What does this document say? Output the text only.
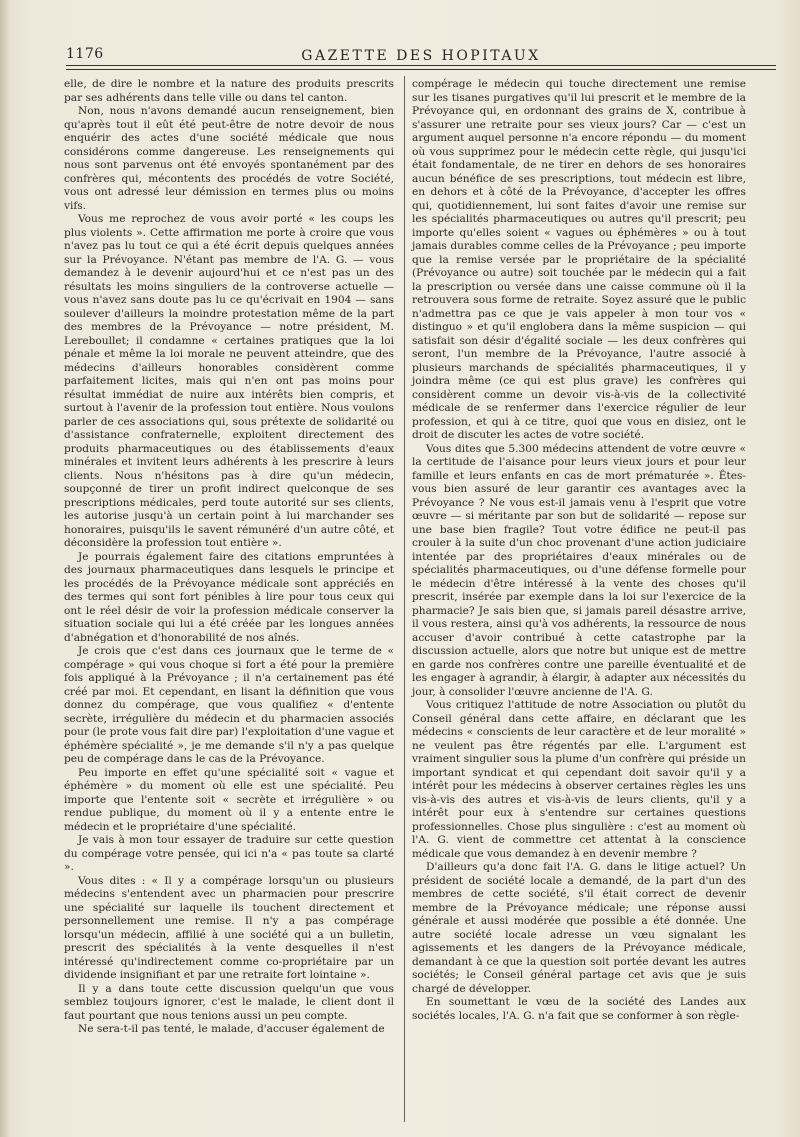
1176	GAZETTE DES HOPITAUX

elle, de dire le nombre et la nature des produits prescrits par ses adhérents dans telle ville ou dans tel canton.

Non, nous n'avons demandé aucun renseignement, bien qu'après tout il eût été peut-être de notre devoir de nous enquérir des actes d'une société médicale que nous considérons comme dangereuse. Les renseignements qui nous sont parvenus ont été envoyés spontanément par des confrères qui, mécontents des procédés de votre Société, vous ont adressé leur démission en termes plus ou moins vifs.

Vous me reprochez de vous avoir porté « les coups les plus violents ». Cette affirmation me porte à croire que vous n'avez pas lu tout ce qui a été écrit depuis quelques années sur la Prévoyance. N'étant pas membre de l'A. G. — vous demandez à le devenir aujourd'hui et ce n'est pas un des résultats les moins singuliers de la controverse actuelle — vous n'avez sans doute pas lu ce qu'écrivait en 1904 — sans soulever d'ailleurs la moindre protestation même de la part des membres de la Prévoyance — notre président, M. Lereboullet; il condamne « certaines pratiques que la loi pénale et même la loi morale ne peuvent atteindre, que des médecins d'ailleurs honorables considèrent comme parfaitement licites, mais qui n'en ont pas moins pour résultat immédiat de nuire aux intérêts bien compris, et surtout à l'avenir de la profession tout entière. Nous voulons parler de ces associations qui, sous prétexte de solidarité ou d'assistance confraternelle, exploitent directement des produits pharmaceutiques ou des établissements d'eaux minérales et invitent leurs adhérents à les prescrire à leurs clients. Nous n'hésitons pas à dire qu'un médecin, soupçonné de tirer un profit indirect quelconque de ses prescriptions médicales, perd toute autorité sur ses clients, les autorise jusqu'à un certain point à lui marchander ses honoraires, puisqu'ils le savent rémunéré d'un autre côté, et déconsidère la profession tout entière ».

Je pourrais également faire des citations empruntées à des journaux pharmaceutiques dans lesquels le principe et les procédés de la Prévoyance médicale sont appréciés en des termes qui sont fort pénibles à lire pour tous ceux qui ont le réel désir de voir la profession médicale conserver la situation sociale qui lui a été créée par les longues années d'abnégation et d'honorabilité de nos aînés.

Je crois que c'est dans ces journaux que le terme de « compérage » qui vous choque si fort a été pour la première fois appliqué à la Prévoyance ; il n'a certainement pas été créé par moi. Et cependant, en lisant la définition que vous donnez du compérage, que vous qualifiez « d'entente secrète, irrégulière du médecin et du pharmacien associés pour (le prote vous fait dire par) l'exploitation d'une vague et éphémère spécialité », je me demande s'il n'y a pas quelque peu de compérage dans le cas de la Prévoyance.

Peu importe en effet qu'une spécialité soit « vague et éphémère » du moment où elle est une spécialité. Peu importe que l'entente soit « secrète et irrégulière » ou rendue publique, du moment où il y a entente entre le médecin et le propriétaire d'une spécialité.

Je vais à mon tour essayer de traduire sur cette question du compérage votre pensée, qui ici n'a « pas toute sa clarté ».

Vous dites : « Il y a compérage lorsqu'un ou plusieurs médecins s'entendent avec un pharmacien pour prescrire une spécialité sur laquelle ils touchent directement et personnellement une remise. Il n'y a pas compérage lorsqu'un médecin, affilié à une société qui a un bulletin, prescrit des spécialités à la vente desquelles il n'est intéressé qu'indirectement comme co-propriétaire par un dividende insignifiant et par une retraite fort lointaine ».

Il y a dans toute cette discussion quelqu'un que vous semblez toujours ignorer, c'est le malade, le client dont il faut pourtant que nous tenions aussi un peu compte.

Ne sera-t-il pas tenté, le malade, d'accuser également de

compérage le médecin qui touche directement une remise sur les tisanes purgatives qu'il lui prescrit et le membre de la Prévoyance qui, en ordonnant des grains de X, contribue à s'assurer une retraite pour ses vieux jours? Car — c'est un argument auquel personne n'a encore répondu — du moment où vous supprimez pour le médecin cette règle, qui jusqu'ici était fondamentale, de ne tirer en dehors de ses honoraires aucun bénéfice de ses prescriptions, tout médecin est libre, en dehors et à côté de la Prévoyance, d'accepter les offres qui, quotidiennement, lui sont faites d'avoir une remise sur les spécialités pharmaceutiques ou autres qu'il prescrit; peu importe qu'elles soient « vagues ou éphémères » ou à tout jamais durables comme celles de la Prévoyance ; peu importe que la remise versée par le propriétaire de la spécialité (Prévoyance ou autre) soit touchée par le médecin qui a fait la prescription ou versée dans une caisse commune où il la retrouvera sous forme de retraite. Soyez assuré que le public n'admettra pas ce que je vais appeler à mon tour vos « distinguo » et qu'il englobera dans la même suspicion — qui satisfait son désir d'égalité sociale — les deux confrères qui seront, l'un membre de la Prévoyance, l'autre associé à plusieurs marchands de spécialités pharmaceutiques, il y joindra même (ce qui est plus grave) les confrères qui considèrent comme un devoir vis-à-vis de la collectivité médicale de se renfermer dans l'exercice régulier de leur profession, et qui à ce titre, quoi que vous en disiez, ont le droit de discuter les actes de votre société.

Vous dites que 5.300 médecins attendent de votre œuvre « la certitude de l'aisance pour leurs vieux jours et pour leur famille et leurs enfants en cas de mort prématurée ». Êtes-vous bien assuré de leur garantir ces avantages avec la Prévoyance ? Ne vous est-il jamais venu à l'esprit que votre œuvre — si méritante par son but de solidarité — repose sur une base bien fragile? Tout votre édifice ne peut-il pas crouler à la suite d'un choc provenant d'une action judiciaire intentée par des propriétaires d'eaux minérales ou de spécialités pharmaceutiques, ou d'une défense formelle pour le médecin d'être intéressé à la vente des choses qu'il prescrit, insérée par exemple dans la loi sur l'exercice de la pharmacie? Je sais bien que, si jamais pareil désastre arrive, il vous restera, ainsi qu'à vos adhérents, la ressource de nous accuser d'avoir contribué à cette catastrophe par la discussion actuelle, alors que notre but unique est de mettre en garde nos confrères contre une pareille éventualité et de les engager à agrandir, à élargir, à adapter aux nécessités du jour, à consolider l'œuvre ancienne de l'A. G.

Vous critiquez l'attitude de notre Association ou plutôt du Conseil général dans cette affaire, en déclarant que les médecins « conscients de leur caractère et de leur moralité » ne veulent pas être régentés par elle. L'argument est vraiment singulier sous la plume d'un confrère qui préside un important syndicat et qui cependant doit savoir qu'il y a intérêt pour les médecins à observer certaines règles les uns vis-à-vis des autres et vis-à-vis de leurs clients, qu'il y a intérêt pour eux à s'entendre sur certaines questions professionnelles. Chose plus singulière : c'est au moment où l'A. G. vient de commettre cet attentat à la conscience médicale que vous demandez à en devenir membre ?

D'ailleurs qu'a donc fait l'A. G. dans le litige actuel? Un président de société locale a demandé, de la part d'un des membres de cette société, s'il était correct de devenir membre de la Prévoyance médicale; une réponse aussi générale et aussi modérée que possible a été donnée. Une autre société locale adresse un vœu signalant les agissements et les dangers de la Prévoyance médicale, demandant à ce que la question soit portée devant les autres sociétés; le Conseil général partage cet avis que je suis chargé de développer.

En soumettant le vœu de la société des Landes aux sociétés locales, l'A. G. n'a fait que se conformer à son règle-
